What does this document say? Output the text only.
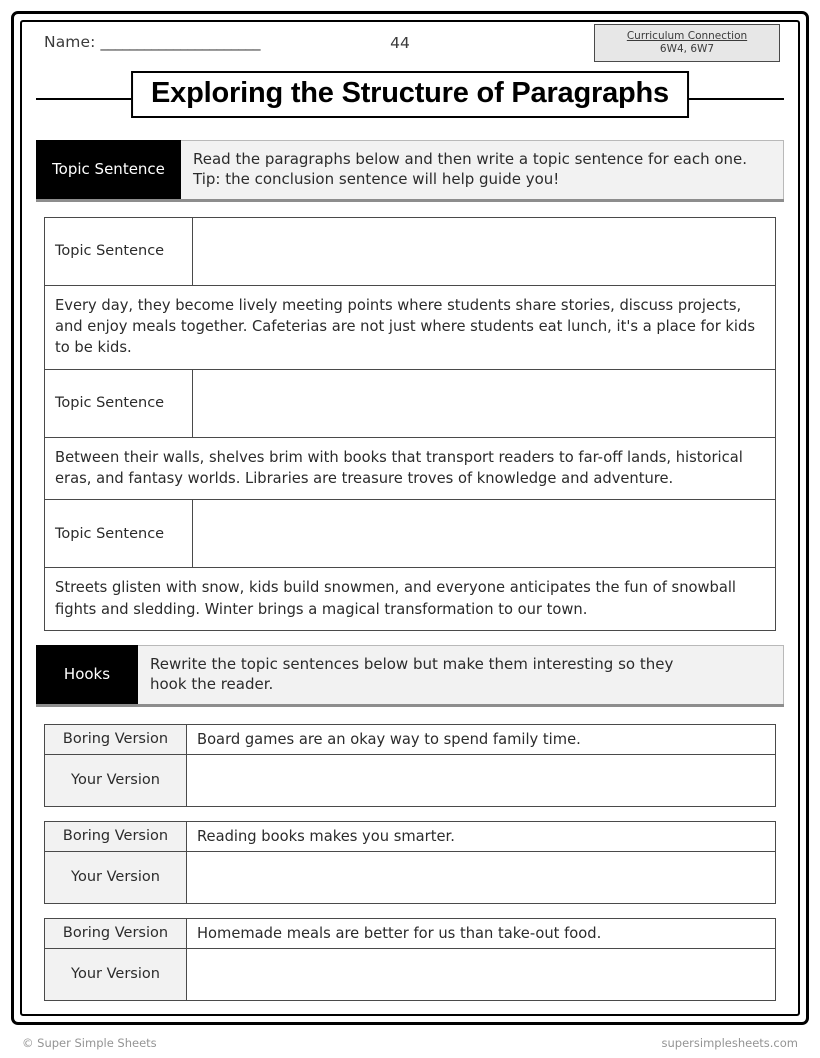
Name: ______________________	44	Curriculum Connection
6W4, 6W7
Exploring the Structure of Paragraphs
Topic Sentence
Read the paragraphs below and then write a topic sentence for each one.
Tip: the conclusion sentence will help guide you!
Topic Sentence	
Every day, they become lively meeting points where students share stories, discuss projects, and enjoy meals together. Cafeterias are not just where students eat lunch, it's a place for kids to be kids.	
Topic Sentence	
Between their walls, shelves brim with books that transport readers to far-off lands, historical eras, and fantasy worlds. Libraries are treasure troves of knowledge and adventure.	
Topic Sentence	
Streets glisten with snow, kids build snowmen, and everyone anticipates the fun of snowball fights and sledding. Winter brings a magical transformation to our town.	
Hooks
Rewrite the topic sentences below but make them interesting so they
hook the reader.
Boring Version	Board games are an okay way to spend family time.
Your Version	
Boring Version	Reading books makes you smarter.
Your Version	
Boring Version	Homemade meals are better for us than take-out food.
Your Version	
© Super Simple Sheets	supersimplesheets.com
